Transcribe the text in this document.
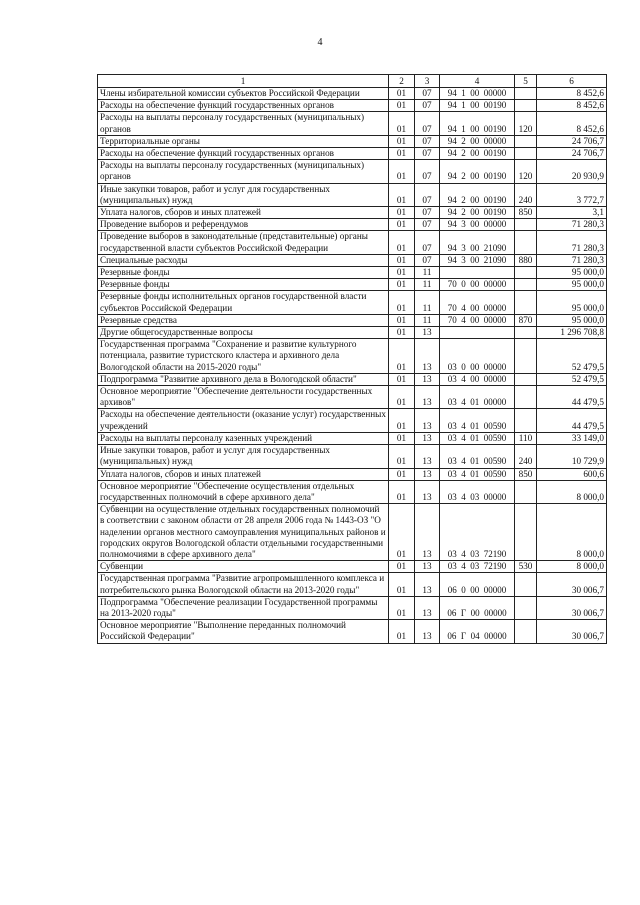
4
1	2	3	4	5	6
Члены избирательной комиссии субъектов Российской Федерации	01	07	94  1  00  00000		8 452,6
Расходы на обеспечение функций государственных органов	01	07	94  1  00  00190		8 452,6
Расходы на выплаты персоналу государственных (муниципальных) органов	01	07	94  1  00  00190	120	8 452,6
Территориальные органы	01	07	94  2  00  00000		24 706,7
Расходы на обеспечение функций государственных органов	01	07	94  2  00  00190		24 706,7
Расходы на выплаты персоналу государственных (муниципальных) органов	01	07	94  2  00  00190	120	20 930,9
Иные закупки товаров, работ и услуг для государственных (муниципальных) нужд	01	07	94  2  00  00190	240	3 772,7
Уплата налогов, сборов и иных платежей	01	07	94  2  00  00190	850	3,1
Проведение выборов и референдумов	01	07	94  3  00  00000		71 280,3
Проведение выборов в законодательные (представительные) органы государственной власти субъектов Российской Федерации	01	07	94  3  00  21090		71 280,3
Специальные расходы	01	07	94  3  00  21090	880	71 280,3
Резервные фонды	01	11			95 000,0
Резервные фонды	01	11	70  0  00  00000		95 000,0
Резервные фонды исполнительных органов государственной власти субъектов Российской Федерации	01	11	70  4  00  00000		95 000,0
Резервные средства	01	11	70  4  00  00000	870	95 000,0
Другие общегосударственные вопросы	01	13			1 296 708,8
Государственная программа "Сохранение и развитие культурного потенциала, развитие туристского кластера и архивного дела Вологодской области на 2015-2020 годы"	01	13	03  0  00  00000		52 479,5
Подпрограмма "Развитие архивного дела в Вологодской области"	01	13	03  4  00  00000		52 479,5
Основное мероприятие "Обеспечение деятельности государственных архивов"	01	13	03  4  01  00000		44 479,5
Расходы на обеспечение деятельности (оказание услуг) государственных учреждений	01	13	03  4  01  00590		44 479,5
Расходы на выплаты персоналу казенных учреждений	01	13	03  4  01  00590	110	33 149,0
Иные закупки товаров, работ и услуг для государственных (муниципальных) нужд	01	13	03  4  01  00590	240	10 729,9
Уплата налогов, сборов и иных платежей	01	13	03  4  01  00590	850	600,6
Основное мероприятие "Обеспечение осуществления отдельных государственных полномочий в сфере архивного дела"	01	13	03  4  03  00000		8 000,0
Субвенции на осуществление отдельных государственных полномочий в соответствии с законом области от 28 апреля 2006 года № 1443-ОЗ "О наделении органов местного самоуправления муниципальных районов и городских округов Вологодской области отдельными государственными полномочиями в сфере архивного дела"	01	13	03  4  03  72190		8 000,0
Субвенции	01	13	03  4  03  72190	530	8 000,0
Государственная программа "Развитие агропромышленного комплекса и потребительского рынка Вологодской области на 2013-2020 годы"	01	13	06  0  00  00000		30 006,7
Подпрограмма "Обеспечение реализации Государственной программы на 2013-2020 годы"	01	13	06  Г  00  00000		30 006,7
Основное мероприятие "Выполнение переданных полномочий Российской Федерации"	01	13	06  Г  04  00000		30 006,7
